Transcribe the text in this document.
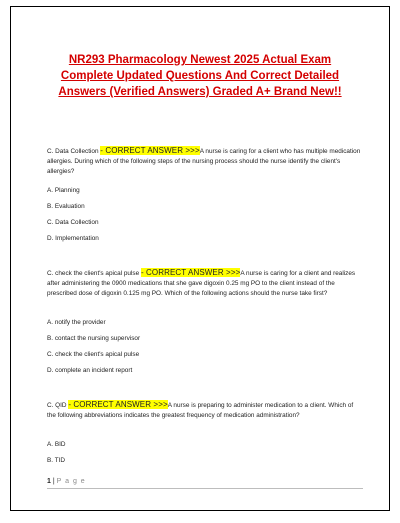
NR293 Pharmacology Newest 2025 Actual Exam
Complete Updated Questions And Correct Detailed
Answers (Verified Answers) Graded A+ Brand New!!
C. Data Collection - CORRECT ANSWER >>>A nurse is caring for a client who has multiple medication allergies. During which of the following steps of the nursing process should the nurse identify the client's allergies?
A. Planning
B. Evaluation
C. Data Collection
D. Implementation
C. check the client's apical pulse - CORRECT ANSWER >>>A nurse is caring for a client and realizes after administering the 0900 medications that she gave digoxin 0.25 mg PO to the client instead of the prescribed dose of digoxin 0.125 mg PO. Which of the following actions should the nurse take first?
A. notify the provider
B. contact the nursing supervisor
C. check the client's apical pulse
D. complete an incident report
C. QID - CORRECT ANSWER >>>A nurse is preparing to administer medication to a client. Which of the following abbreviations indicates the greatest frequency of medication administration?
A. BID
B. TID
1 | P a g e
